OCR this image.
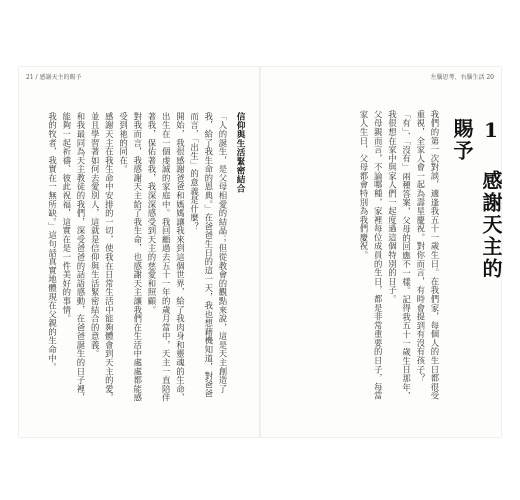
21 / 感謝天主的賜予	左腦思考、右腦生活 20
1 感謝天主的賜予

我們的第一次對談，適逢我五十一歲生日。在我們家，每個人的生日都很受重視，全家人會一起為壽星慶祝。對你而言，有時會提到有沒有孩子？「有」、「沒有」兩種答案，父母的回應不一樣。記得我五十一歲生日那年，我很想在家中與家人們一起度過這個特別的日子。

父母親而言，不論哪種，家裡每位成員的生日，都是非常重要的日子，每當家人生日，父母都會特別為我們慶祝。

信仰與生活緊密結合

「人的誕生，是父母相愛的結晶；但從教會的觀點來說，這是天主創造了我，給了我生命的恩典。」在爸爸生日的這一天，我也想藉機知道，對爸爸而言，「出生」的意義是什麼？

開始，我很感謝爸爸和媽媽讓我來到這個世界，給了我肉身和靈魂的生命，出生在一個虔誠的家庭中。我回顧過去五十一年的歲月當中，天主一直陪伴著我，保佑著我，我深深感受到天主的慈愛和照顧。

對我而言，我感謝天主給了我生命，也感謝天主讓我們在生活中處處都能感受到祂的同在。

感謝天主在我生命中安排的一切，使我在日常生活中能夠體會到天主的愛，並且學習著如何去愛別人，這就是信仰與生活緊密結合的意義。

和我最同為天主教徒的我們，深受爸爸的話語感動，在爸爸誕生的日子裡，能夠一起祈禱、彼此祝福，這實在是一件美好的事情。

我的牧者，我實在一無所缺。」這句話真實地體現在父親的生命中。
